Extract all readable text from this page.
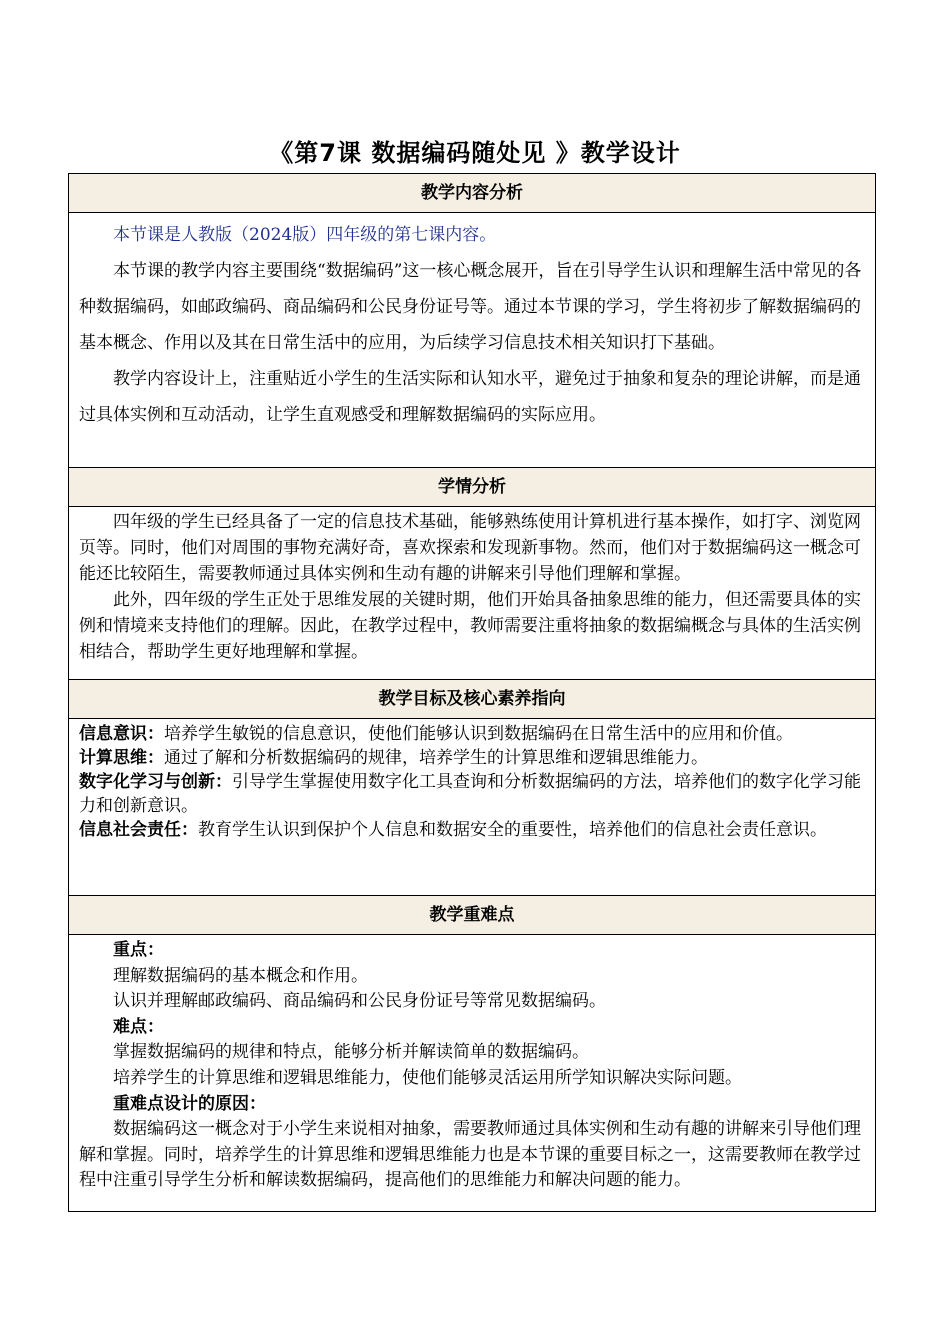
《第7课 数据编码随处见 》教学设计
教学内容分析

本节课是人教版（2024版）四年级的第七课内容。

本节课的教学内容主要围绕“数据编码”这一核心概念展开，旨在引导学生认识和理解生活中常见的各种数据编码，如邮政编码、商品编码和公民身份证号等。通过本节课的学习，学生将初步了解数据编码的基本概念、作用以及其在日常生活中的应用，为后续学习信息技术相关知识打下基础。

教学内容设计上，注重贴近小学生的生活实际和认知水平，避免过于抽象和复杂的理论讲解，而是通过具体实例和互动活动，让学生直观感受和理解数据编码的实际应用。

学情分析

四年级的学生已经具备了一定的信息技术基础，能够熟练使用计算机进行基本操作，如打字、浏览网页等。同时，他们对周围的事物充满好奇，喜欢探索和发现新事物。然而，他们对于数据编码这一概念可能还比较陌生，需要教师通过具体实例和生动有趣的讲解来引导他们理解和掌握。

此外，四年级的学生正处于思维发展的关键时期，他们开始具备抽象思维的能力，但还需要具体的实例和情境来支持他们的理解。因此，在教学过程中，教师需要注重将抽象的数据编概念与具体的生活实例相结合，帮助学生更好地理解和掌握。

教学目标及核心素养指向

信息意识：培养学生敏锐的信息意识，使他们能够认识到数据编码在日常生活中的应用和价值。

计算思维：通过了解和分析数据编码的规律，培养学生的计算思维和逻辑思维能力。

数字化学习与创新：引导学生掌握使用数字化工具查询和分析数据编码的方法，培养他们的数字化学习能力和创新意识。

信息社会责任：教育学生认识到保护个人信息和数据安全的重要性，培养他们的信息社会责任意识。

教学重难点

重点：

理解数据编码的基本概念和作用。

认识并理解邮政编码、商品编码和公民身份证号等常见数据编码。

难点：

掌握数据编码的规律和特点，能够分析并解读简单的数据编码。

培养学生的计算思维和逻辑思维能力，使他们能够灵活运用所学知识解决实际问题。

重难点设计的原因：

数据编码这一概念对于小学生来说相对抽象，需要教师通过具体实例和生动有趣的讲解来引导他们理解和掌握。同时，培养学生的计算思维和逻辑思维能力也是本节课的重要目标之一，这需要教师在教学过程中注重引导学生分析和解读数据编码，提高他们的思维能力和解决问题的能力。
